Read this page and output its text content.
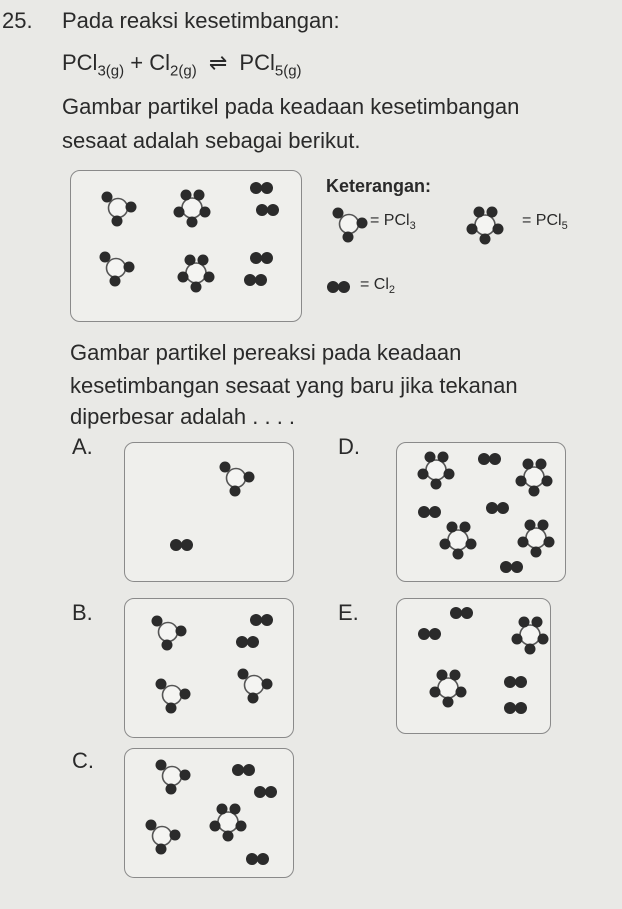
25. Pada reaksi kesetimbangan:
$PCl_{3(g)} + Cl_{2(g)}$ ⇌ PCl$_{5(g)}$
Gambar partikel pada keadaan kesetimbangan
sesaat adalah sebagai berikut.
Keterangan:
= PCl$_3$	= PCl$_5$
= $Cl_2$
Gambar partikel pereaksi pada keadaan
kesetimbangan sesaat yang baru jika tekanan
diperbesar adalah . . . .
A.
B.
C.
D.
E.
